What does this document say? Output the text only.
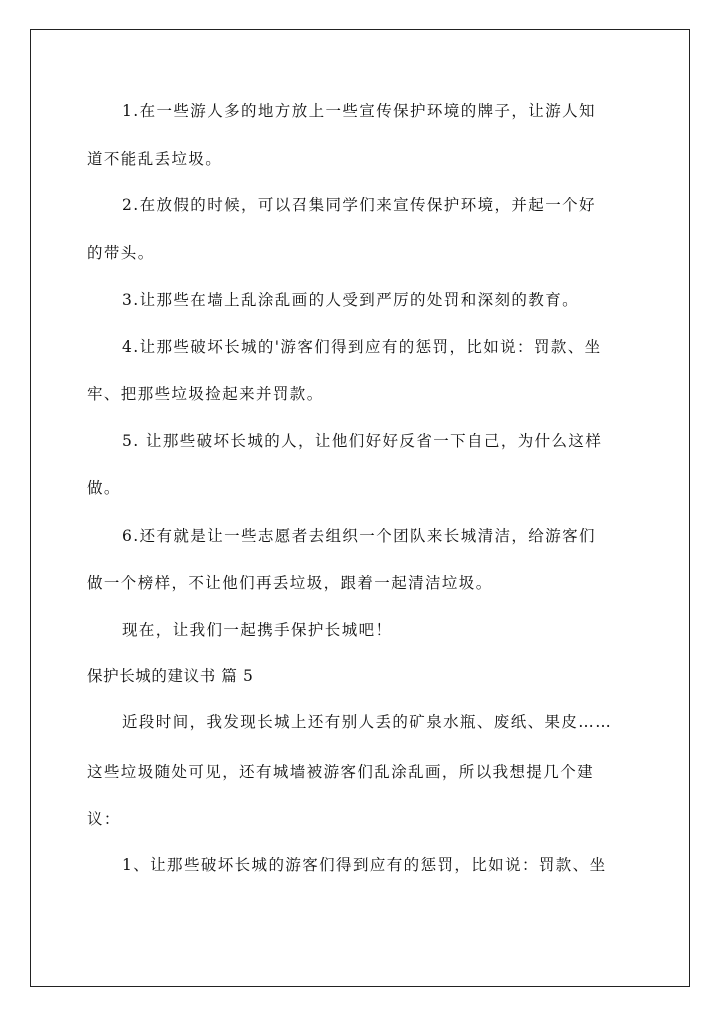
1.在一些游人多的地方放上一些宣传保护环境的牌子，让游人知
道不能乱丢垃圾。
2.在放假的时候，可以召集同学们来宣传保护环境，并起一个好
的带头。
3.让那些在墙上乱涂乱画的人受到严厉的处罚和深刻的教育。
4.让那些破坏长城的'游客们得到应有的惩罚，比如说：罚款、坐
牢、把那些垃圾捡起来并罚款。
5. 让那些破坏长城的人，让他们好好反省一下自己，为什么这样
做。
6.还有就是让一些志愿者去组织一个团队来长城清洁，给游客们
做一个榜样，不让他们再丢垃圾，跟着一起清洁垃圾。
现在，让我们一起携手保护长城吧！
保护长城的建议书 篇 5
近段时间，我发现长城上还有别人丢的矿泉水瓶、废纸、果皮……
这些垃圾随处可见，还有城墙被游客们乱涂乱画，所以我想提几个建
议：
1、让那些破坏长城的游客们得到应有的惩罚，比如说：罚款、坐
